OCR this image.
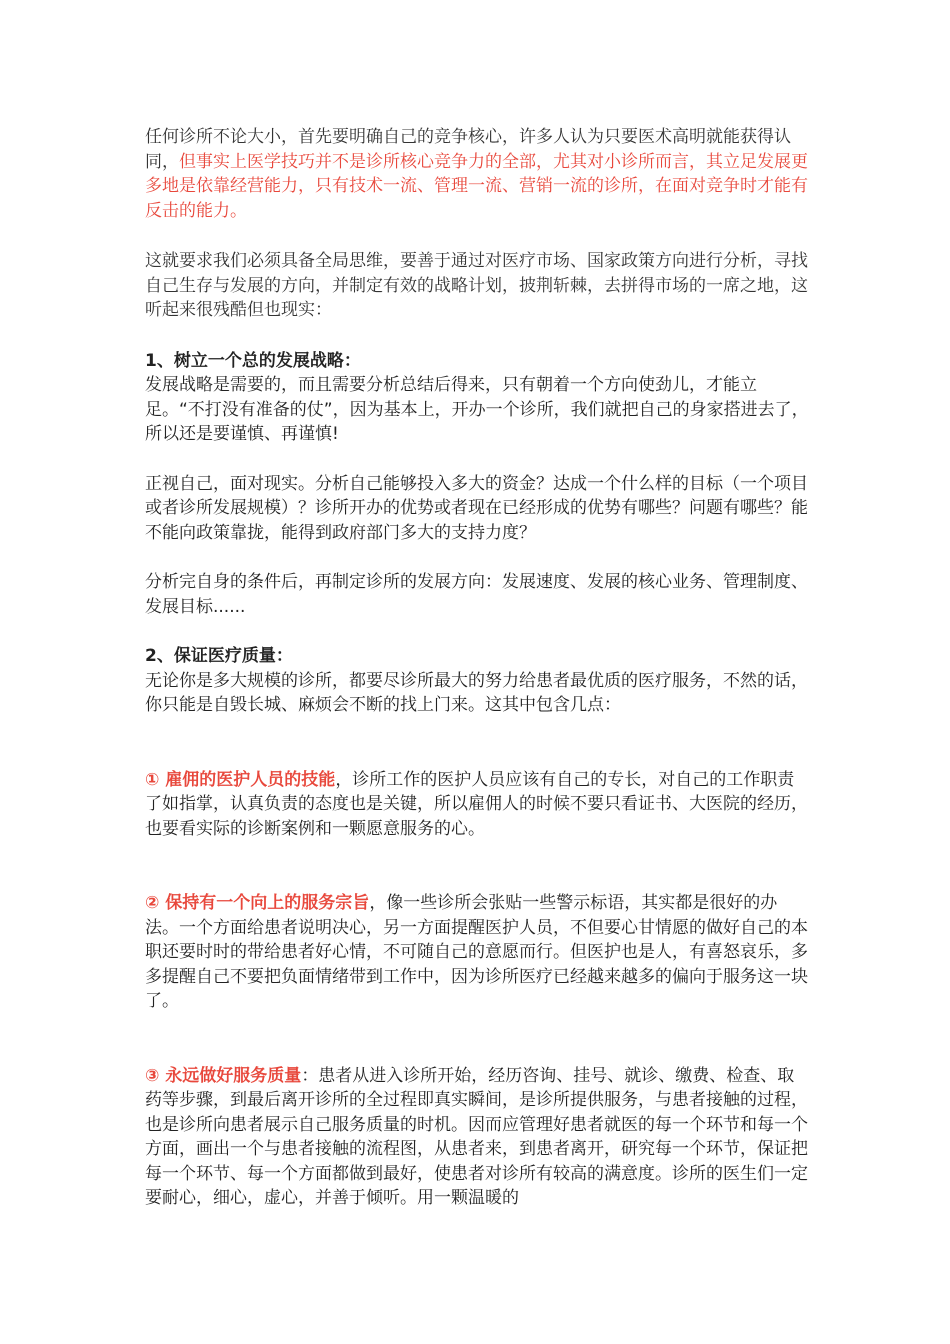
任何诊所不论大小，首先要明确自己的竞争核心，许多人认为只要医术高明就能获得认同，但事实上医学技巧并不是诊所核心竞争力的全部，尤其对小诊所而言，其立足发展更多地是依靠经营能力，只有技术一流、管理一流、营销一流的诊所，在面对竞争时才能有反击的能力。

这就要求我们必须具备全局思维，要善于通过对医疗市场、国家政策方向进行分析，寻找自己生存与发展的方向，并制定有效的战略计划，披荆斩棘，去拼得市场的一席之地，这听起来很残酷但也现实：

1、树立一个总的发展战略：

发展战略是需要的，而且需要分析总结后得来，只有朝着一个方向使劲儿，才能立足。“不打没有准备的仗”，因为基本上，开办一个诊所，我们就把自己的身家搭进去了，所以还是要谨慎、再谨慎!

正视自己，面对现实。分析自己能够投入多大的资金？达成一个什么样的目标（一个项目或者诊所发展规模）？诊所开办的优势或者现在已经形成的优势有哪些？问题有哪些？能不能向政策靠拢，能得到政府部门多大的支持力度？

分析完自身的条件后，再制定诊所的发展方向：发展速度、发展的核心业务、管理制度、发展目标......

2、保证医疗质量：

无论你是多大规模的诊所，都要尽诊所最大的努力给患者最优质的医疗服务，不然的话，你只能是自毁长城、麻烦会不断的找上门来。这其中包含几点：

① 雇佣的医护人员的技能，诊所工作的医护人员应该有自己的专长，对自己的工作职责了如指掌，认真负责的态度也是关键，所以雇佣人的时候不要只看证书、大医院的经历，也要看实际的诊断案例和一颗愿意服务的心。

② 保持有一个向上的服务宗旨，像一些诊所会张贴一些警示标语，其实都是很好的办法。一个方面给患者说明决心，另一方面提醒医护人员，不但要心甘情愿的做好自己的本职还要时时的带给患者好心情，不可随自己的意愿而行。但医护也是人，有喜怒哀乐，多多提醒自己不要把负面情绪带到工作中，因为诊所医疗已经越来越多的偏向于服务这一块了。

③ 永远做好服务质量：患者从进入诊所开始，经历咨询、挂号、就诊、缴费、检查、取药等步骤，到最后离开诊所的全过程即真实瞬间，是诊所提供服务，与患者接触的过程，也是诊所向患者展示自己服务质量的时机。因而应管理好患者就医的每一个环节和每一个方面，画出一个与患者接触的流程图，从患者来，到患者离开，研究每一个环节，保证把每一个环节、每一个方面都做到最好，使患者对诊所有较高的满意度。诊所的医生们一定要耐心，细心，虚心，并善于倾听。用一颗温暖的
